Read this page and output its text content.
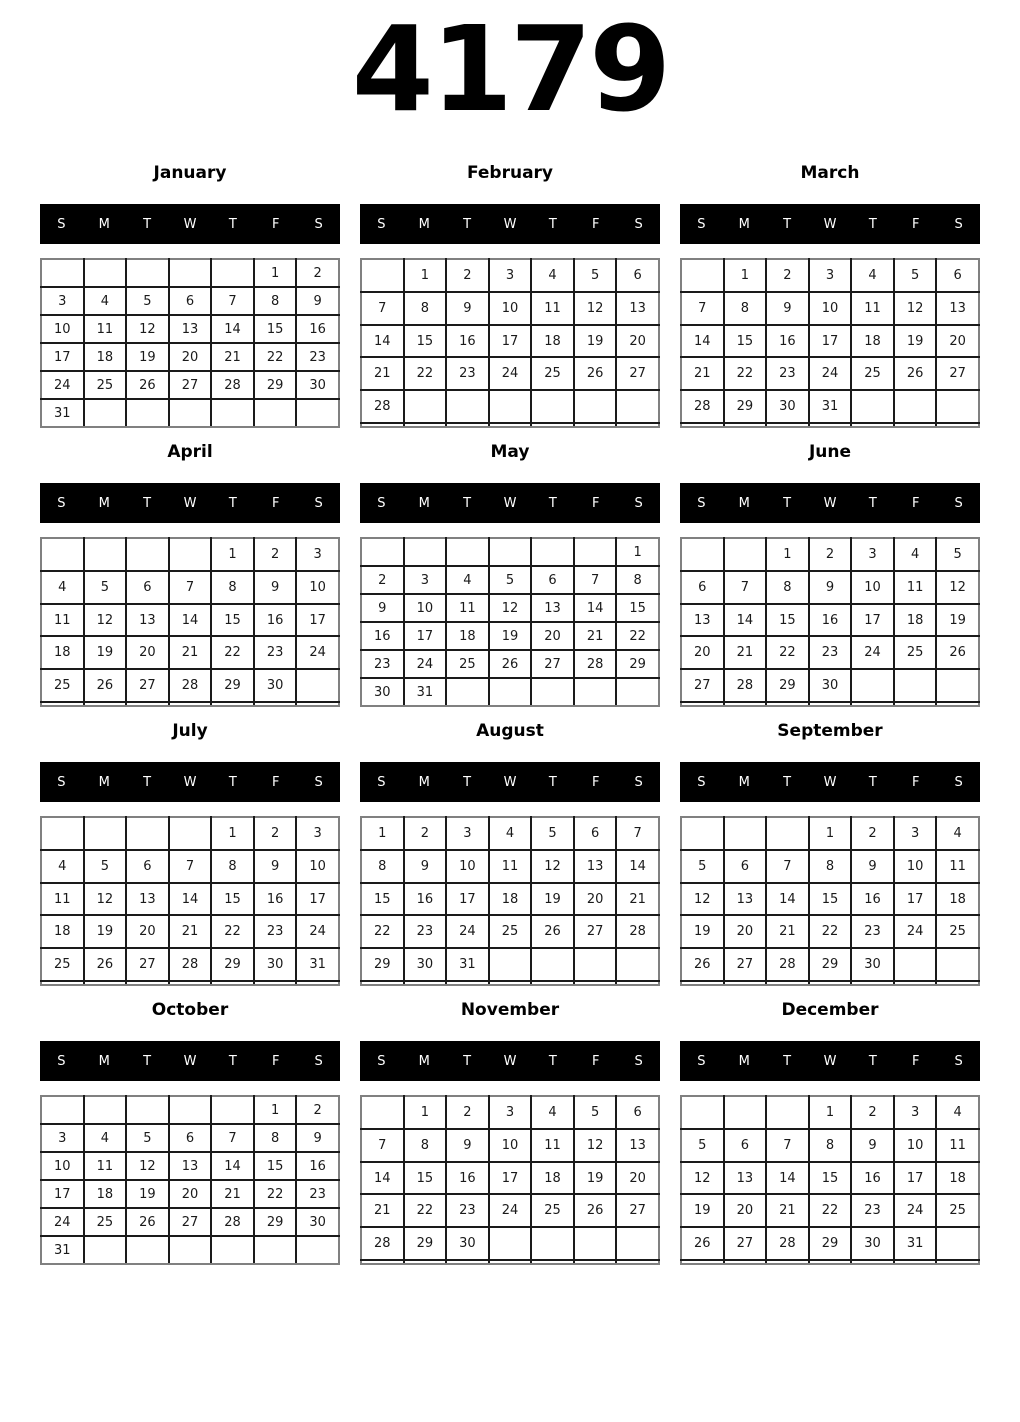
4179
January
S	M	T	W	T	F	S
					1	2
3	4	5	6	7	8	9
10	11	12	13	14	15	16
17	18	19	20	21	22	23
24	25	26	27	28	29	30
31						
February
S	M	T	W	T	F	S
	1	2	3	4	5	6
7	8	9	10	11	12	13
14	15	16	17	18	19	20
21	22	23	24	25	26	27
28						

March
S	M	T	W	T	F	S
	1	2	3	4	5	6
7	8	9	10	11	12	13
14	15	16	17	18	19	20
21	22	23	24	25	26	27
28	29	30	31			

April
S	M	T	W	T	F	S
				1	2	3
4	5	6	7	8	9	10
11	12	13	14	15	16	17
18	19	20	21	22	23	24
25	26	27	28	29	30	

May
S	M	T	W	T	F	S
						1
2	3	4	5	6	7	8
9	10	11	12	13	14	15
16	17	18	19	20	21	22
23	24	25	26	27	28	29
30	31					
June
S	M	T	W	T	F	S
		1	2	3	4	5
6	7	8	9	10	11	12
13	14	15	16	17	18	19
20	21	22	23	24	25	26
27	28	29	30			

July
S	M	T	W	T	F	S
				1	2	3
4	5	6	7	8	9	10
11	12	13	14	15	16	17
18	19	20	21	22	23	24
25	26	27	28	29	30	31

August
S	M	T	W	T	F	S
1	2	3	4	5	6	7
8	9	10	11	12	13	14
15	16	17	18	19	20	21
22	23	24	25	26	27	28
29	30	31				

September
S	M	T	W	T	F	S
			1	2	3	4
5	6	7	8	9	10	11
12	13	14	15	16	17	18
19	20	21	22	23	24	25
26	27	28	29	30		

October
S	M	T	W	T	F	S
					1	2
3	4	5	6	7	8	9
10	11	12	13	14	15	16
17	18	19	20	21	22	23
24	25	26	27	28	29	30
31						
November
S	M	T	W	T	F	S
	1	2	3	4	5	6
7	8	9	10	11	12	13
14	15	16	17	18	19	20
21	22	23	24	25	26	27
28	29	30				

December
S	M	T	W	T	F	S
			1	2	3	4
5	6	7	8	9	10	11
12	13	14	15	16	17	18
19	20	21	22	23	24	25
26	27	28	29	30	31	
